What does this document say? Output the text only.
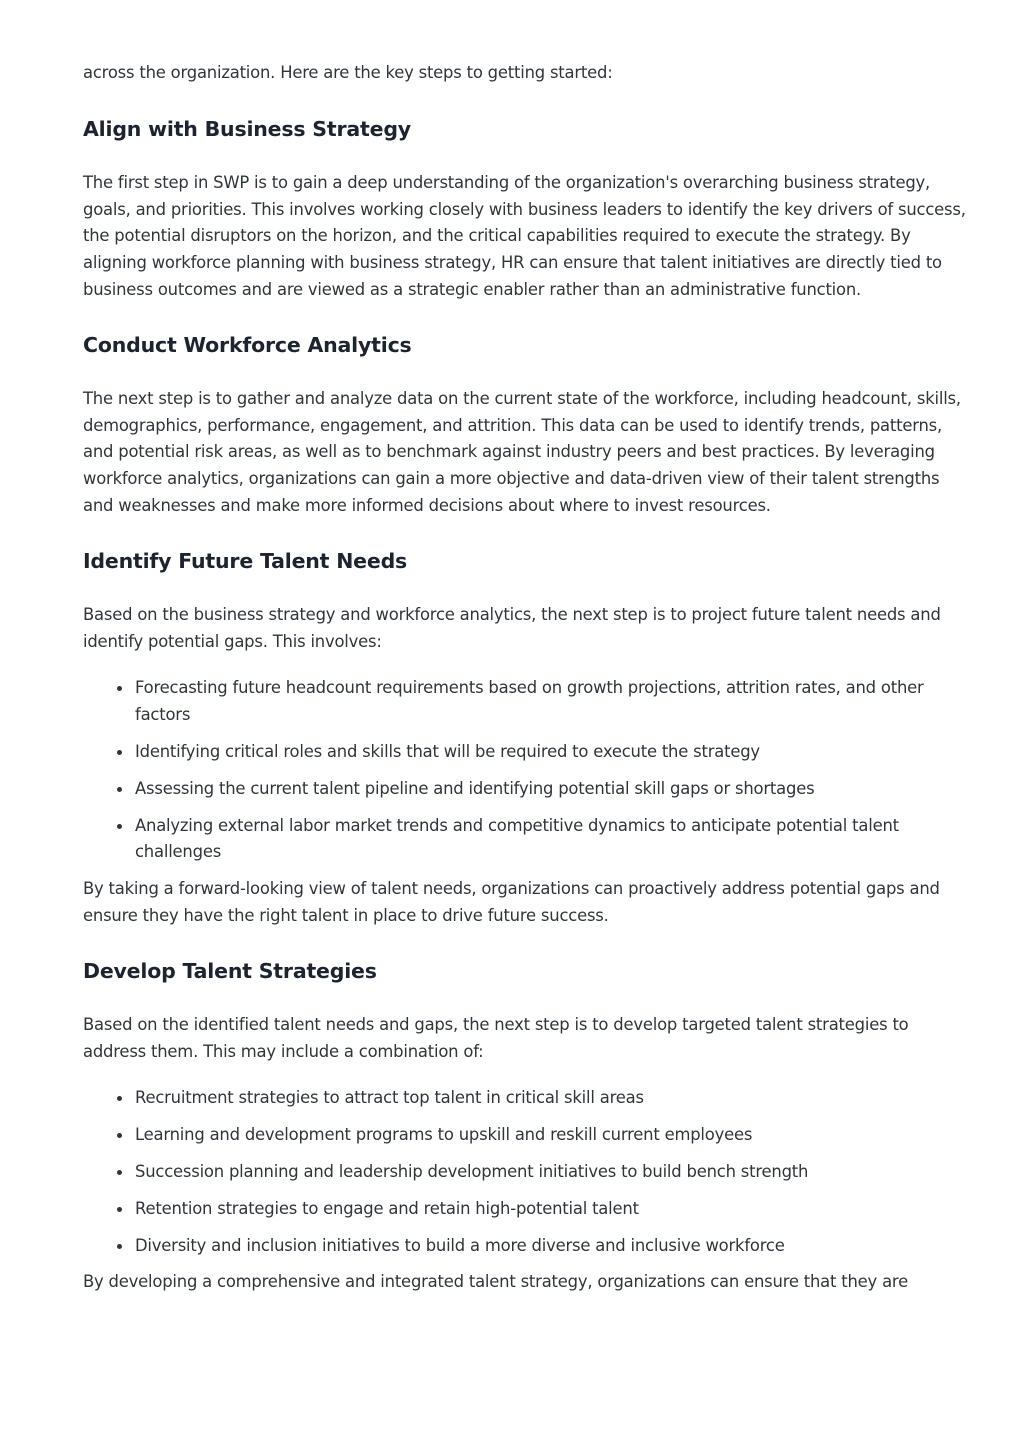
across the organization. Here are the key steps to getting started:

Align with Business Strategy

The first step in SWP is to gain a deep understanding of the organization's overarching business strategy, goals, and priorities. This involves working closely with business leaders to identify the key drivers of success, the potential disruptors on the horizon, and the critical capabilities required to execute the strategy. By aligning workforce planning with business strategy, HR can ensure that talent initiatives are directly tied to business outcomes and are viewed as a strategic enabler rather than an administrative function.

Conduct Workforce Analytics

The next step is to gather and analyze data on the current state of the workforce, including headcount, skills, demographics, performance, engagement, and attrition. This data can be used to identify trends, patterns, and potential risk areas, as well as to benchmark against industry peers and best practices. By leveraging workforce analytics, organizations can gain a more objective and data-driven view of their talent strengths and weaknesses and make more informed decisions about where to invest resources.

Identify Future Talent Needs

Based on the business strategy and workforce analytics, the next step is to project future talent needs and identify potential gaps. This involves:

Forecasting future headcount requirements based on growth projections, attrition rates, and other factors
Identifying critical roles and skills that will be required to execute the strategy
Assessing the current talent pipeline and identifying potential skill gaps or shortages
Analyzing external labor market trends and competitive dynamics to anticipate potential talent challenges

By taking a forward-looking view of talent needs, organizations can proactively address potential gaps and ensure they have the right talent in place to drive future success.

Develop Talent Strategies

Based on the identified talent needs and gaps, the next step is to develop targeted talent strategies to address them. This may include a combination of:

Recruitment strategies to attract top talent in critical skill areas
Learning and development programs to upskill and reskill current employees
Succession planning and leadership development initiatives to build bench strength
Retention strategies to engage and retain high-potential talent
Diversity and inclusion initiatives to build a more diverse and inclusive workforce

By developing a comprehensive and integrated talent strategy, organizations can ensure that they are
